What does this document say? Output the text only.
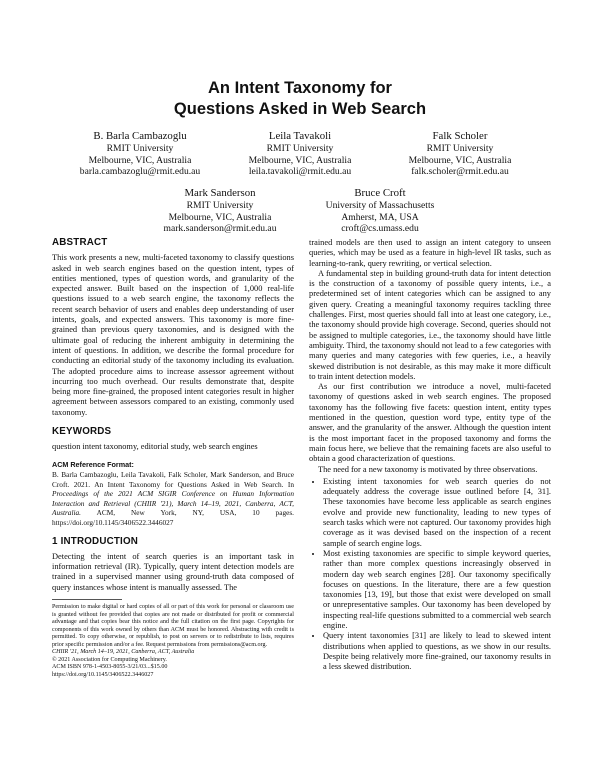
An Intent Taxonomy for
Questions Asked in Web Search
B. Barla Cambazoglu
RMIT University
Melbourne, VIC, Australia
barla.cambazoglu@rmit.edu.au
Leila Tavakoli
RMIT University
Melbourne, VIC, Australia
leila.tavakoli@rmit.edu.au
Falk Scholer
RMIT University
Melbourne, VIC, Australia
falk.scholer@rmit.edu.au
Mark Sanderson
RMIT University
Melbourne, VIC, Australia
mark.sanderson@rmit.edu.au
Bruce Croft
University of Massachusetts
Amherst, MA, USA
croft@cs.umass.edu
ABSTRACT

This work presents a new, multi-faceted taxonomy to classify questions asked in web search engines based on the question intent, types of entities mentioned, types of question words, and granularity of the expected answer. Built based on the inspection of 1,000 real-life questions issued to a web search engine, the taxonomy reflects the recent search behavior of users and enables deep understanding of user intents, goals, and expected answers. This taxonomy is more fine-grained than previous query taxonomies, and is designed with the ultimate goal of reducing the inherent ambiguity in determining the intent of questions. In addition, we describe the formal procedure for conducting an editorial study of the taxonomy including its evaluation. The adopted procedure aims to increase assessor agreement without incurring too much overhead. Our results demonstrate that, despite being more fine-grained, the proposed intent categories result in higher agreement between assessors compared to an existing, commonly used taxonomy.

KEYWORDS

question intent taxonomy, editorial study, web search engines

ACM Reference Format:

B. Barla Cambazoglu, Leila Tavakoli, Falk Scholer, Mark Sanderson, and Bruce Croft. 2021. An Intent Taxonomy for Questions Asked in Web Search. In Proceedings of the 2021 ACM SIGIR Conference on Human Information Interaction and Retrieval (CHIIR '21), March 14–19, 2021, Canberra, ACT, Australia. ACM, New York, NY, USA, 10 pages. https://doi.org/10.1145/3406522.3446027

1 INTRODUCTION

Detecting the intent of search queries is an important task in information retrieval (IR). Typically, query intent detection models are trained in a supervised manner using ground-truth data composed of query instances whose intent is manually assessed. The

Permission to make digital or hard copies of all or part of this work for personal or classroom use is granted without fee provided that copies are not made or distributed for profit or commercial advantage and that copies bear this notice and the full citation on the first page. Copyrights for components of this work owned by others than ACM must be honored. Abstracting with credit is permitted. To copy otherwise, or republish, to post on servers or to redistribute to lists, requires prior specific permission and/or a fee. Request permissions from permissions@acm.org.

CHIIR '21, March 14–19, 2021, Canberra, ACT, Australia

© 2021 Association for Computing Machinery.

ACM ISBN 978-1-4503-8055-3/21/03...$15.00

https://doi.org/10.1145/3406522.3446027

trained models are then used to assign an intent category to unseen queries, which may be used as a feature in high-level IR tasks, such as learning-to-rank, query rewriting, or vertical selection.

A fundamental step in building ground-truth data for intent detection is the construction of a taxonomy of possible query intents, i.e., a predetermined set of intent categories which can be assigned to any given query. Creating a meaningful taxonomy requires tackling three challenges. First, most queries should fall into at least one category, i.e., the taxonomy should provide high coverage. Second, queries should not be assigned to multiple categories, i.e., the taxonomy should have little ambiguity. Third, the taxonomy should not lead to a few categories with many queries and many categories with few queries, i.e., a heavily skewed distribution is not desirable, as this may make it more difficult to train intent detection models.

As our first contribution we introduce a novel, multi-faceted taxonomy of questions asked in web search engines. The proposed taxonomy has the following five facets: question intent, entity types mentioned in the question, question word type, entity type of the answer, and the granularity of the answer. Although the question intent is the most important facet in the proposed taxonomy and forms the main focus here, we believe that the remaining facets are also useful to obtain a good characterization of questions.

The need for a new taxonomy is motivated by three observations.

• Existing intent taxonomies for web search queries do not adequately address the coverage issue outlined before [4, 31]. These taxonomies have become less applicable as search engines evolve and provide new functionality, leading to new types of search tasks which were not captured. Our taxonomy provides high coverage as it was devised based on the inspection of a recent sample of search engine logs.
• Most existing taxonomies are specific to simple keyword queries, rather than more complex questions increasingly observed in modern day web search engines [28]. Our taxonomy specifically focuses on questions. In the literature, there are a few question taxonomies [13, 19], but those that exist were developed on small or unrepresentative samples. Our taxonomy has been developed by inspecting real-life questions submitted to a commercial web search engine.
• Query intent taxonomies [31] are likely to lead to skewed intent distributions when applied to questions, as we show in our results. Despite being relatively more fine-grained, our taxonomy results in a less skewed distribution.
